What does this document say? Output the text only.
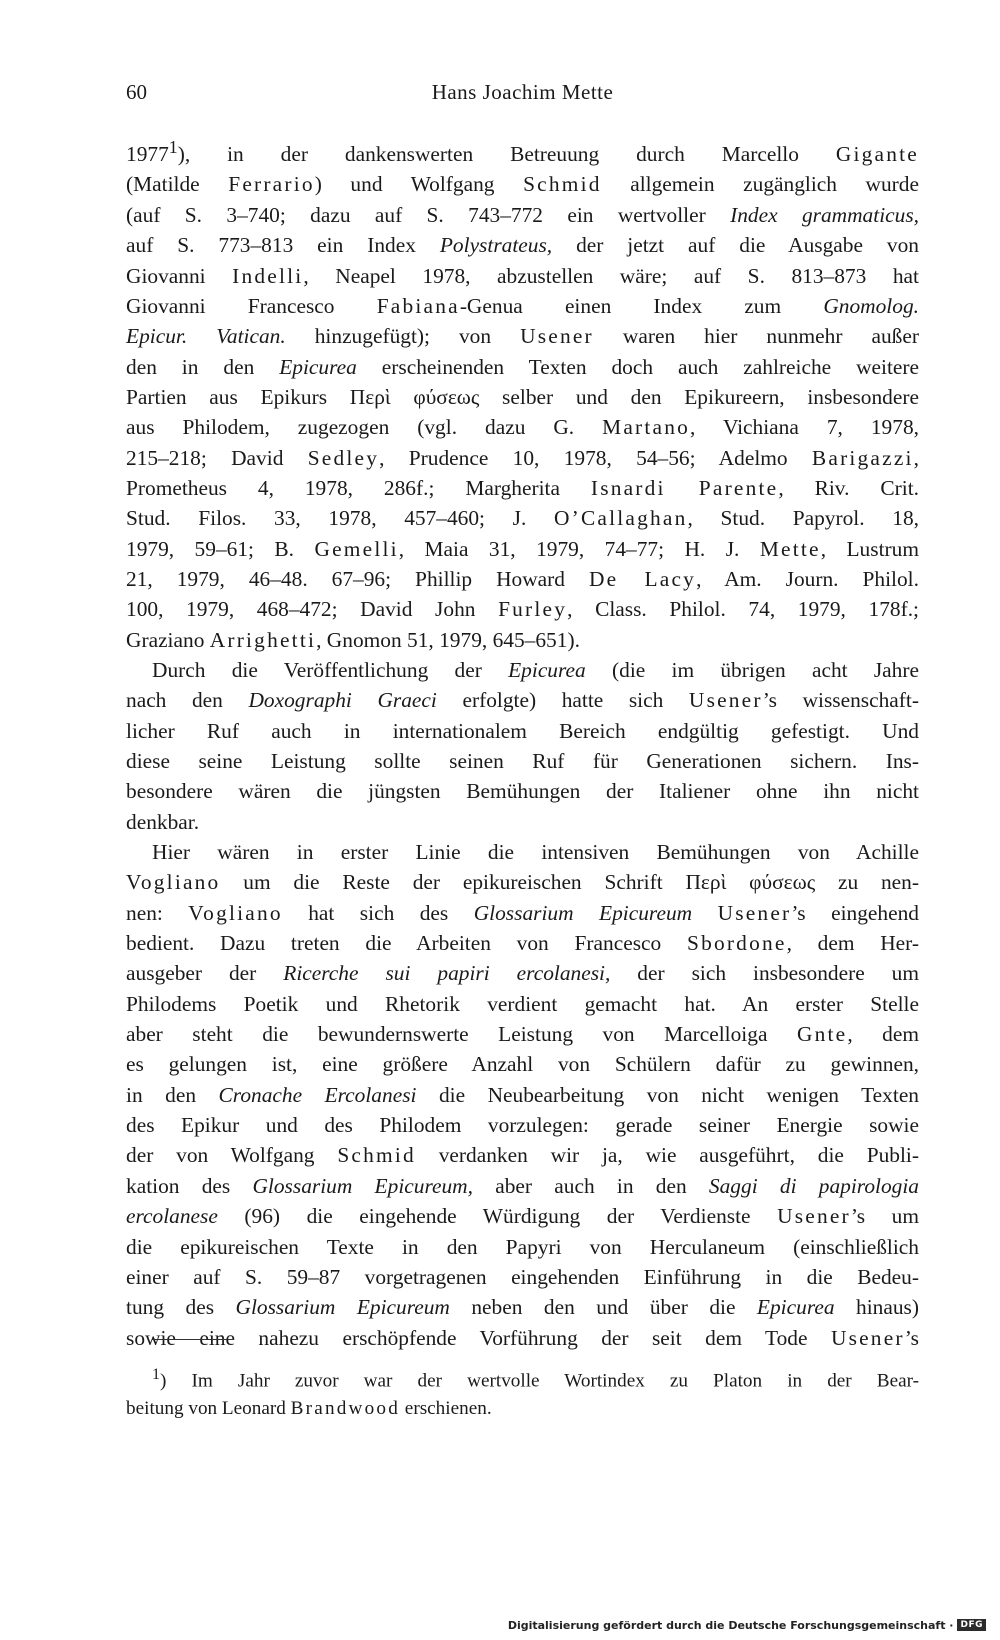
60	Hans Joachim Mette

1977$^1$), in der dankenswerten Betreuung durch Marcello Gigante
(Matilde Ferrario) und Wolfgang Schmid allgemein zugänglich wurde
(auf S. 3–740; dazu auf S. 743–772 ein wertvoller Index grammaticus,
auf S. 773–813 ein Index Polystrateus, der jetzt auf die Ausgabe von
Giovanni Indelli, Neapel 1978, abzustellen wäre; auf S. 813–873 hat
Giovanni Francesco Fabiana-Genua einen Index zum Gnomolog.
Epicur. Vatican. hinzugefügt); von Usener waren hier nunmehr außer
den in den Epicurea erscheinenden Texten doch auch zahlreiche weitere
Partien aus Epikurs Περὶ φύσεως selber und den Epikureern, insbesondere
aus Philodem, zugezogen (vgl. dazu G. Martano, Vichiana 7, 1978,
215–218; David Sedley, Prudence 10, 1978, 54–56; Adelmo Barigazzi,
Prometheus 4, 1978, 286f.; Margherita Isnardi Parente, Riv. Crit.
Stud. Filos. 33, 1978, 457–460; J. O’Callaghan, Stud. Papyrol. 18,
1979, 59–61; B. Gemelli, Maia 31, 1979, 74–77; H. J. Mette, Lustrum
21, 1979, 46–48. 67–96; Phillip Howard De Lacy, Am. Journ. Philol.
100, 1979, 468–472; David John Furley, Class. Philol. 74, 1979, 178f.;
Graziano Arrighetti, Gnomon 51, 1979, 645–651).

Durch die Veröffentlichung der Epicurea (die im übrigen acht Jahre
nach den Doxographi Graeci erfolgte) hatte sich Usener’s wissenschaft-
licher Ruf auch in internationalem Bereich endgültig gefestigt. Und
diese seine Leistung sollte seinen Ruf für Generationen sichern. Ins-
besondere wären die jüngsten Bemühungen der Italiener ohne ihn nicht
denkbar.

Hier wären in erster Linie die intensiven Bemühungen von Achille
Vogliano um die Reste der epikureischen Schrift Περὶ φύσεως zu nen-
nen: Vogliano hat sich des Glossarium Epicureum Usener’s eingehend
bedient. Dazu treten die Arbeiten von Francesco Sbordone, dem Her-
ausgeber der Ricerche sui papiri ercolanesi, der sich insbesondere um
Philodems Poetik und Rhetorik verdient gemacht hat. An erster Stelle
aber steht die bewundernswerte Leistung von Marcelloiga Gnte, dem
es gelungen ist, eine größere Anzahl von Schülern dafür zu gewinnen,
in den Cronache Ercolanesi die Neubearbeitung von nicht wenigen Texten
des Epikur und des Philodem vorzulegen: gerade seiner Energie sowie
der von Wolfgang Schmid verdanken wir ja, wie ausgeführt, die Publi-
kation des Glossarium Epicureum, aber auch in den Saggi di papirologia
ercolanese (96) die eingehende Würdigung der Verdienste Usener’s um
die epikureischen Texte in den Papyri von Herculaneum (einschließlich
einer auf S. 59–87 vorgetragenen eingehenden Einführung in die Bedeu-
tung des Glossarium Epicureum neben den und über die Epicurea hinaus)
sowie eine nahezu erschöpfende Vorführung der seit dem Tode Usener’s

$^1$) Im Jahr zuvor war der wertvolle Wortindex zu Platon in der Bear-
beitung von Leonard Brandwood erschienen.
Digitalisierung gefördert durch die Deutsche Forschungsgemeinschaft · DFG
